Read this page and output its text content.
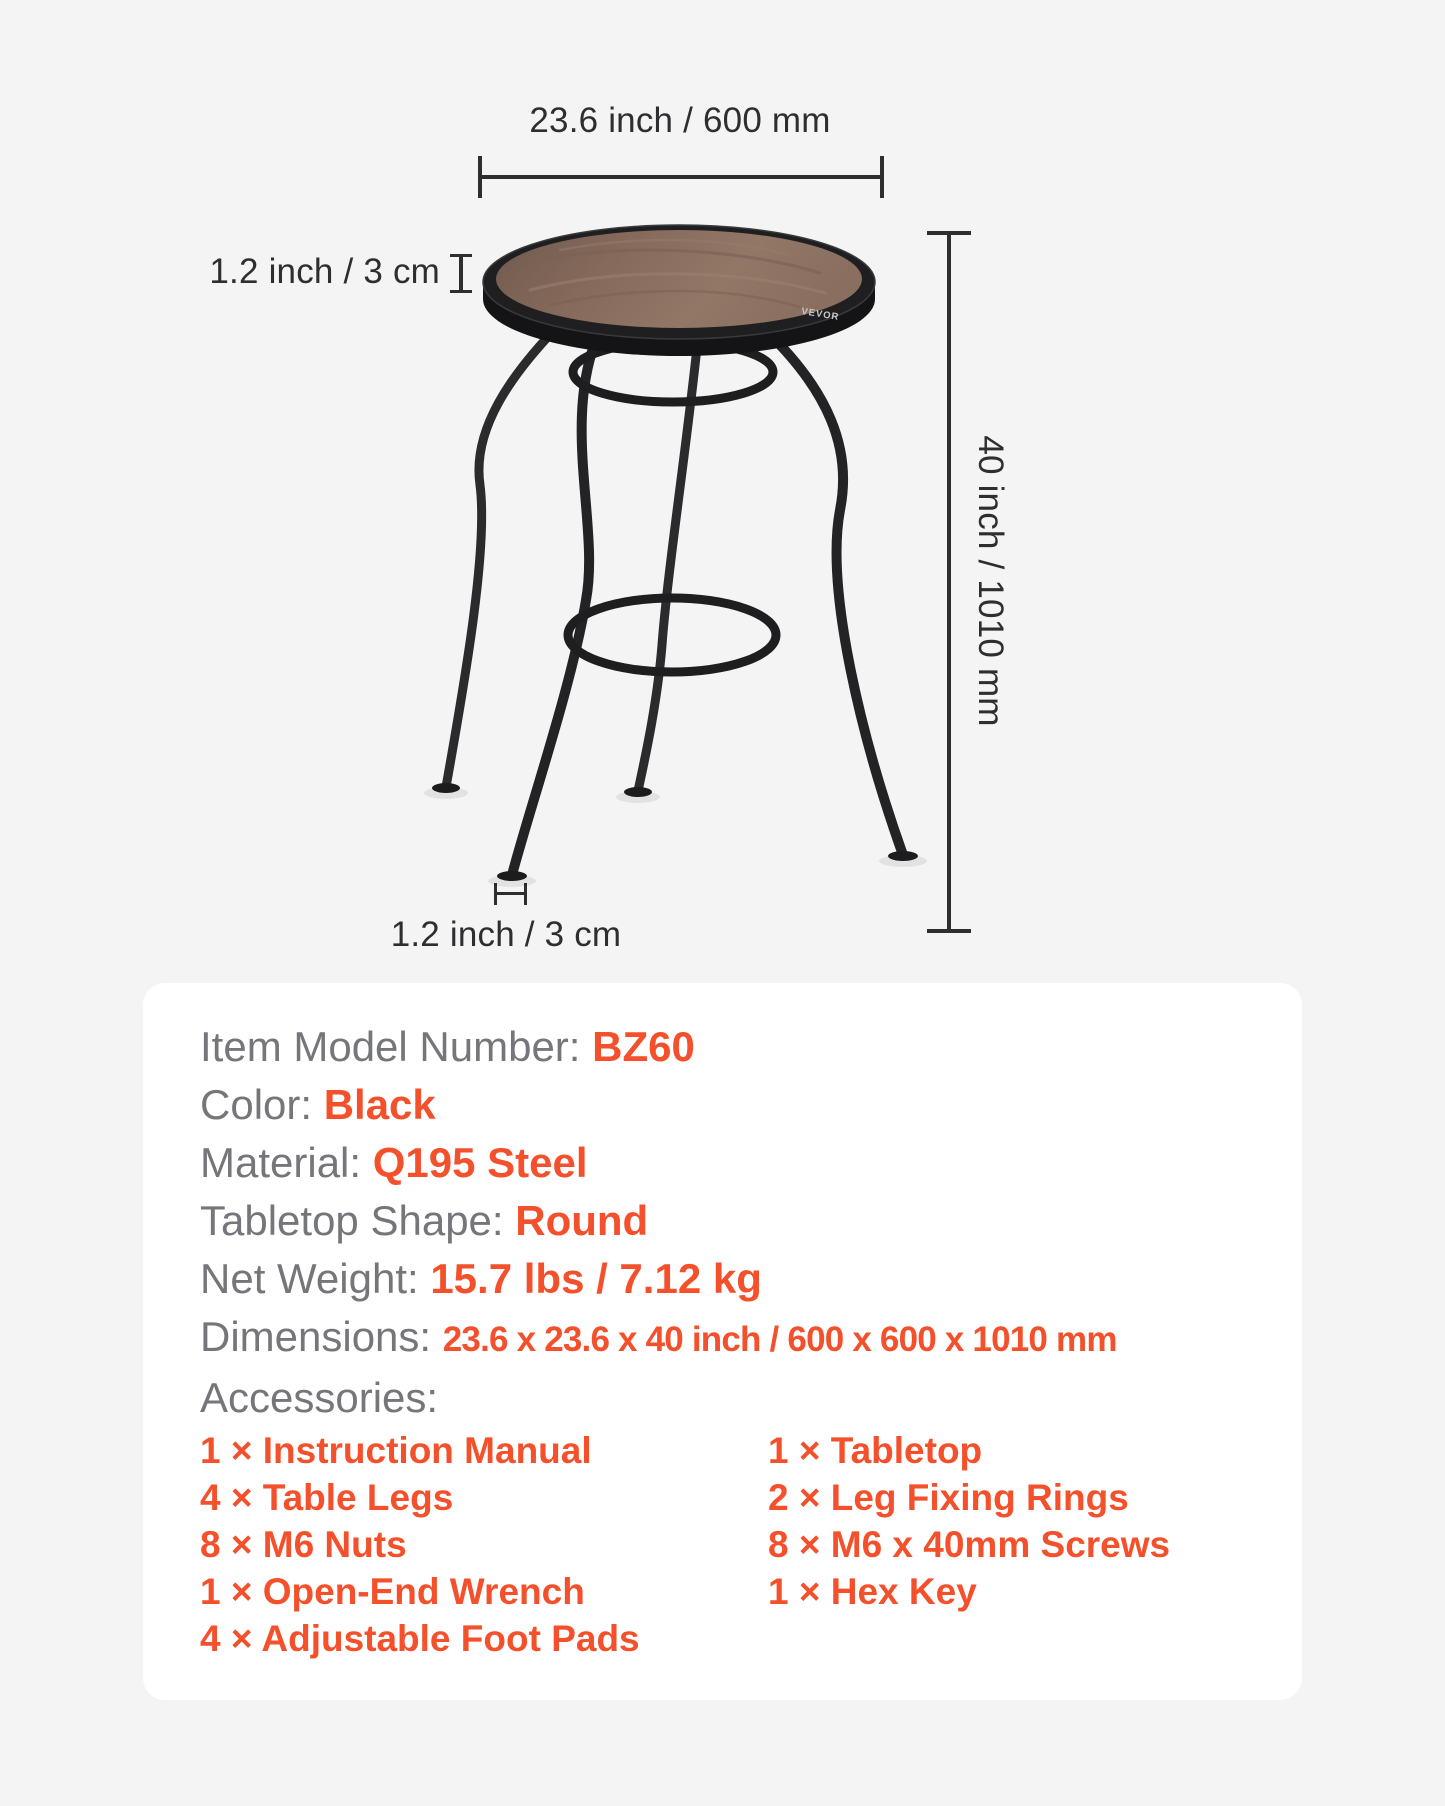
23.6 inch / 600 mm
1.2 inch / 3 cm
40 inch / 1010 mm
1.2 inch / 3 cm
VEVOR
Item Model Number: BZ60
Color: Black
Material: Q195 Steel
Tabletop Shape: Round
Net Weight: 15.7 lbs / 7.12 kg
Dimensions: 23.6 x 23.6 x 40 inch / 600 x 600 x 1010 mm
Accessories:
1 × Instruction Manual
4 × Table Legs
8 × M6 Nuts
1 × Open-End Wrench
4 × Adjustable Foot Pads
1 × Tabletop
2 × Leg Fixing Rings
8 × M6 x 40mm Screws
1 × Hex Key
